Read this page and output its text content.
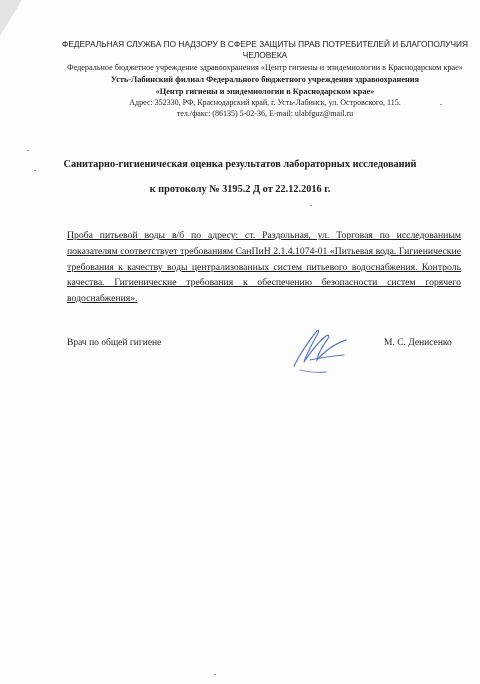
ФЕДЕРАЛЬНАЯ СЛУЖБА ПО НАДЗОРУ В СФЕРЕ ЗАЩИТЫ ПРАВ ПОТРЕБИТЕЛЕЙ И БЛАГОПОЛУЧИЯ ЧЕЛОВЕКА
Федеральное бюджетное учреждение здравоохранения «Центр гигиены и эпидемиологии в Краснодарском крае»
Усть-Лабинский филиал Федерального бюджетного учреждения здравоохранения
«Центр гигиены и эпидемиологии в Краснодарском крае»
Адрес: 352330, РФ, Краснодарский край, г. Усть-Лабинск, ул. Островского, 115.
тел./факс: (86135) 5-02-36, E-mail: ulabfguz@mail.ru
Санитарно-гигиеническая оценка результатов лабораторных исследований
к протоколу № 3195.2 Д от 22.12.2016 г.
Проба питьевой воды в/б по адресу: ст. Раздольная, ул. Торговая по исследованным показателям соответствует требованиям СанПиН 2.1.4.1074-01 «Питьевая вода. Гигиенические требования к качеству воды централизованных систем питьевого водоснабжения. Контроль качества. Гигиенические требования к обеспечению безопасности систем горячего водоснабжения».
Врач по общей гигиене	М. С. Денисенко
